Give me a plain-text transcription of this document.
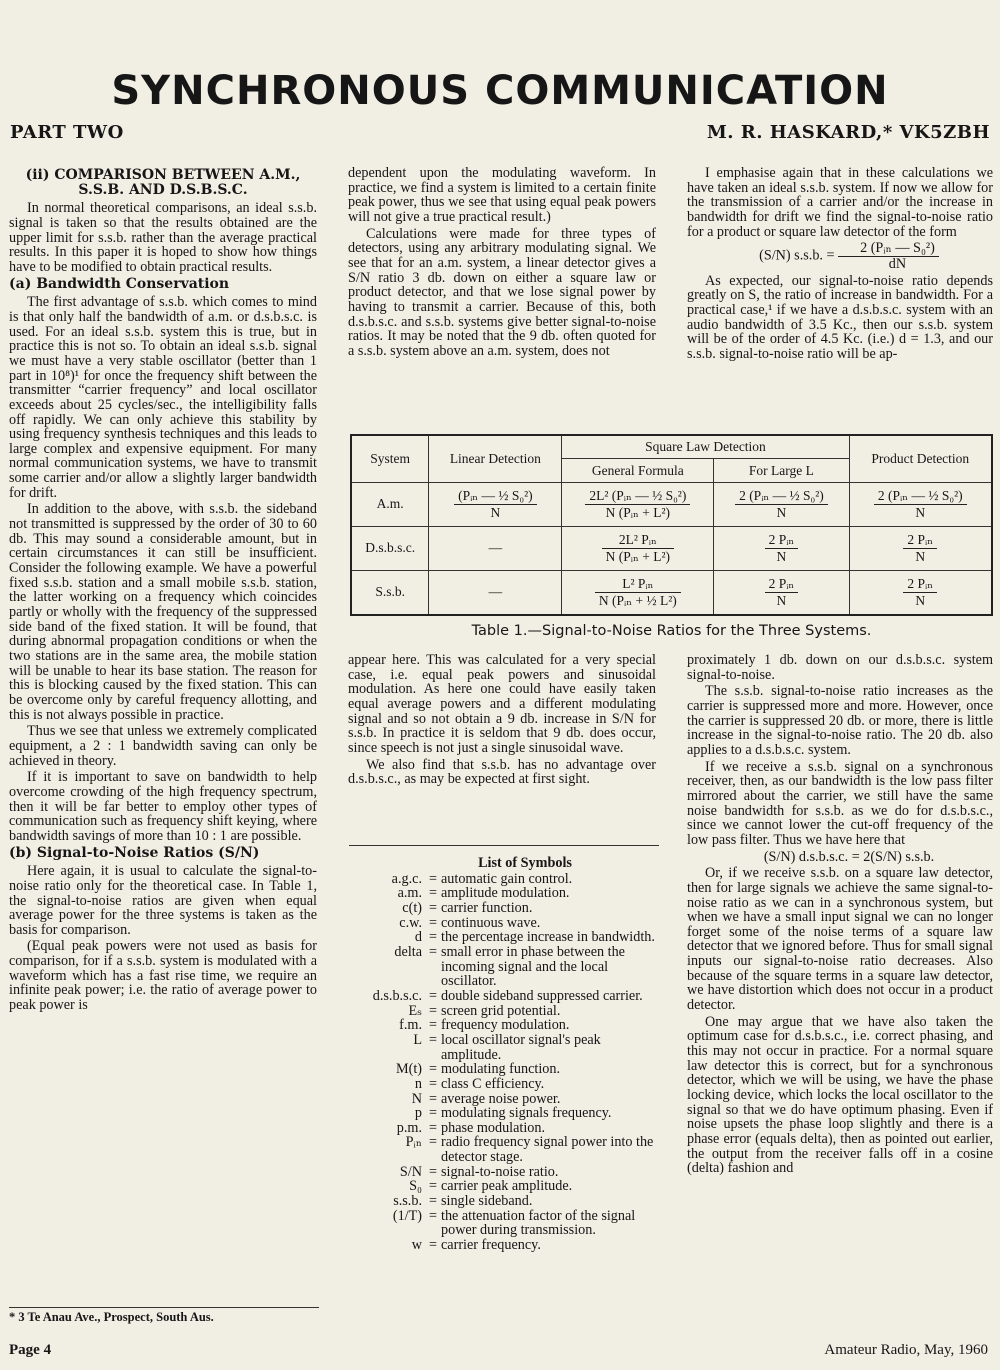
SYNCHRONOUS COMMUNICATION
PART TWO	M. R. HASKARD,* VK5ZBH
(ii) COMPARISON BETWEEN A.M.,
S.S.B. AND D.S.B.S.C.

In normal theoretical comparisons, an ideal s.s.b. signal is taken so that the results obtained are the upper limit for s.s.b. rather than the average practical results. In this paper it is hoped to show how things have to be modified to obtain practical results.

(a) Bandwidth Conservation

The first advantage of s.s.b. which comes to mind is that only half the bandwidth of a.m. or d.s.b.s.c. is used. For an ideal s.s.b. system this is true, but in practice this is not so. To obtain an ideal s.s.b. signal we must have a very stable oscillator (better than 1 part in 10⁸)¹ for once the frequency shift between the transmitter “carrier frequency” and local oscillator exceeds about 25 cycles/sec., the intelligibility falls off rapidly. We can only achieve this stability by using frequency synthesis techniques and this leads to large complex and expensive equipment. For many normal communication systems, we have to transmit some carrier and/or allow a slightly larger bandwidth for drift.

In addition to the above, with s.s.b. the sideband not transmitted is suppressed by the order of 30 to 60 db. This may sound a considerable amount, but in certain circumstances it can still be insufficient. Consider the following example. We have a powerful fixed s.s.b. station and a small mobile s.s.b. station, the latter working on a frequency which coincides partly or wholly with the frequency of the suppressed side band of the fixed station. It will be found, that during abnormal propagation conditions or when the two stations are in the same area, the mobile station will be unable to hear its base station. The reason for this is blocking caused by the fixed station. This can be overcome only by careful frequency allotting, and this is not always possible in practice.

Thus we see that unless we extremely complicated equipment, a 2 : 1 bandwidth saving can only be achieved in theory.

If it is important to save on bandwidth to help overcome crowding of the high frequency spectrum, then it will be far better to employ other types of communication such as frequency shift keying, where bandwidth savings of more than 10 : 1 are possible.

(b) Signal-to-Noise Ratios (S/N)

Here again, it is usual to calculate the signal-to-noise ratio only for the theoretical case. In Table 1, the signal-to-noise ratios are given when equal average power for the three systems is taken as the basis for comparison.

(Equal peak powers were not used as basis for comparison, for if a s.s.b. system is modulated with a waveform which has a fast rise time, we require an infinite peak power; i.e. the ratio of average power to peak power is

dependent upon the modulating waveform. In practice, we find a system is limited to a certain finite peak power, thus we see that using equal peak powers will not give a true practical result.)

Calculations were made for three types of detectors, using any arbitrary modulating signal. We see that for an a.m. system, a linear detector gives a S/N ratio 3 db. down on either a square law or product detector, and that we lose signal power by having to transmit a carrier. Because of this, both d.s.b.s.c. and s.s.b. systems give better signal-to-noise ratios. It may be noted that the 9 db. often quoted for a s.s.b. system above an a.m. system, does not

I emphasise again that in these calculations we have taken an ideal s.s.b. system. If now we allow for the transmission of a carrier and/or the increase in bandwidth for drift we find the signal-to-noise ratio for a product or square law detector of the form

(S/N) s.s.b. = $\frac{\text{2 (Pᵢₙ — S₀²)}}{dN}$

As expected, our signal-to-noise ratio depends greatly on S, the ratio of increase in bandwidth. For a practical case,¹ if we have a d.s.b.s.c. system with an audio bandwidth of 3.5 Kc., then our s.s.b. system will be of the order of 4.5 Kc. (i.e.) d = 1.3, and our s.s.b. signal-to-noise ratio will be ap-

System	Linear Detection	Square Law Detection		Product Detection
		General Formula	For Large L	
A.m.	$\frac{\text{(Pᵢₙ — ½ S₀²)}}{N}$	$\frac{\text{2L² (Pᵢₙ — ½ S₀²)}}{\text{N (Pᵢₙ + L²)}}$	$\frac{\text{2 (Pᵢₙ — ½ S₀²)}}{N}$	$\frac{\text{2 (Pᵢₙ — ½ S₀²)}}{N}$

D.s.b.s.c.	—	$\frac{\text{2L² Pᵢₙ}}{\text{N (Pᵢₙ + L²)}}$	$\frac{\text{2 Pᵢₙ}}{N}$	$\frac{\text{2 Pᵢₙ}}{N}$

S.s.b.	—	$\frac{\text{L² Pᵢₙ}}{\text{N (Pᵢₙ + ½ L²)}}$	$\frac{\text{2 Pᵢₙ}}{N}$	$\frac{\text{2 Pᵢₙ}}{N}$
Table 1.—Signal-to-Noise Ratios for the Three Systems.

appear here. This was calculated for a very special case, i.e. equal peak powers and sinusoidal modulation. As here one could have easily taken equal average powers and a different modulating signal and so not obtain a 9 db. increase in S/N for s.s.b. In practice it is seldom that 9 db. does occur, since speech is not just a single sinusoidal wave.

We also find that s.s.b. has no advantage over d.s.b.s.c., as may be expected at first sight.

List of Symbols
a.g.c.	=	automatic gain control.
a.m.	=	amplitude modulation.
c(t)	=	carrier function.
c.w.	=	continuous wave.
d	=	the percentage increase in bandwidth.
delta	=	small error in phase between the incoming signal and the local oscillator.
d.s.b.s.c.	=	double sideband suppressed carrier.
Eₛ	=	screen grid potential.
f.m.	=	frequency modulation.
L	=	local oscillator signal's peak amplitude.
M(t)	=	modulating function.
n	=	class C efficiency.
N	=	average noise power.
p	=	modulating signals frequency.
p.m.	=	phase modulation.
Pᵢₙ	=	radio frequency signal power into the detector stage.
S/N	=	signal-to-noise ratio.
S₀	=	carrier peak amplitude.
s.s.b.	=	single sideband.
(1/T)	=	the attenuation factor of the signal power during transmission.
w	=	carrier frequency.

proximately 1 db. down on our d.s.b.s.c. system signal-to-noise.

The s.s.b. signal-to-noise ratio increases as the carrier is suppressed more and more. However, once the carrier is suppressed 20 db. or more, there is little increase in the signal-to-noise ratio. The 20 db. also applies to a d.s.b.s.c. system.

If we receive a s.s.b. signal on a synchronous receiver, then, as our bandwidth is the low pass filter mirrored about the carrier, we still have the same noise bandwidth for s.s.b. as we do for d.s.b.s.c., since we cannot lower the cut-off frequency of the low pass filter. Thus we have here that

(S/N) d.s.b.s.c. = 2(S/N) s.s.b.

Or, if we receive s.s.b. on a square law detector, then for large signals we achieve the same signal-to-noise ratio as we can in a synchronous system, but when we have a small input signal we can no longer forget some of the noise terms of a square law detector that we ignored before. Thus for small signal inputs our signal-to-noise ratio decreases. Also because of the square terms in a square law detector, we have distortion which does not occur in a product detector.

One may argue that we have also taken the optimum case for d.s.b.s.c., i.e. correct phasing, and this may not occur in practice. For a normal square law detector this is correct, but for a synchronous detector, which we will be using, we have the phase locking device, which locks the local oscillator to the signal so that we do have optimum phasing. Even if noise upsets the phase loop slightly and there is a phase error (equals delta), then as pointed out earlier, the output from the receiver falls off in a cosine (delta) fashion and

* 3 Te Anau Ave., Prospect, South Aus.
Page 4	Amateur Radio, May, 1960
